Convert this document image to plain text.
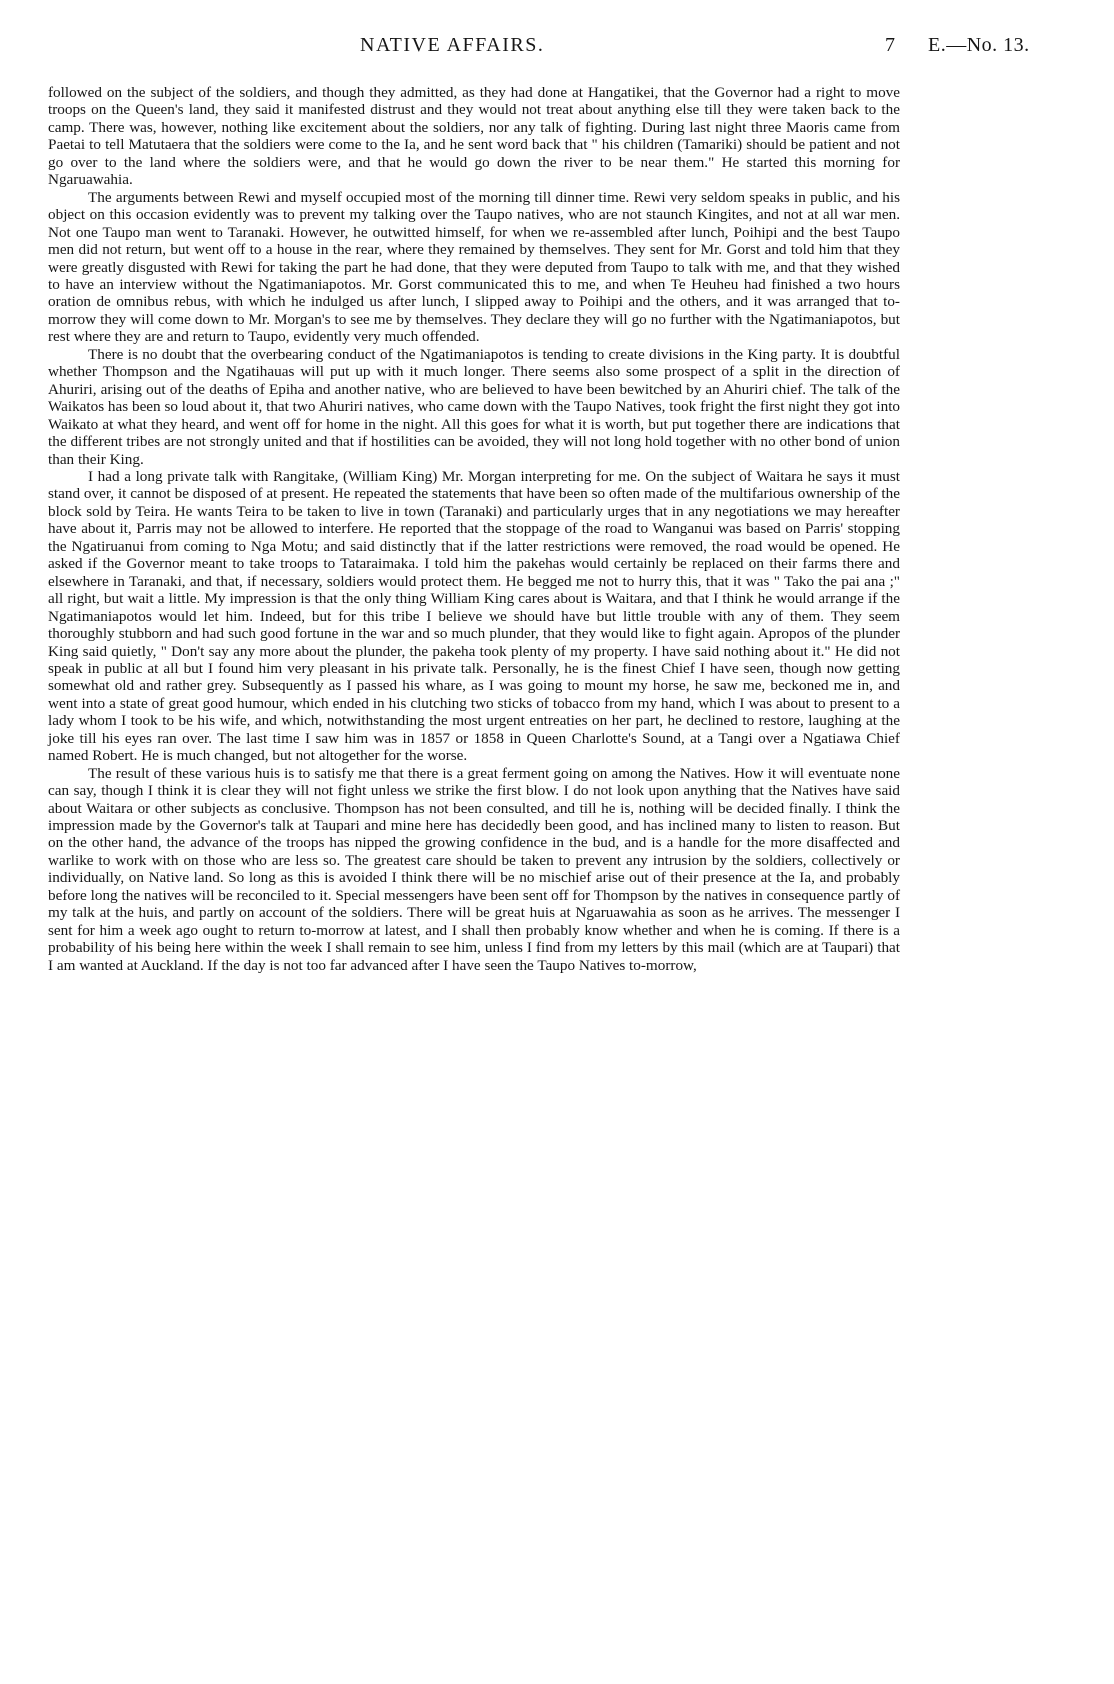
NATIVE AFFAIRS.	7 E.—No. 13.

followed on the subject of the soldiers, and though they admitted, as they had done at Hangatikei, that the Governor had a right to move troops on the Queen's land, they said it manifested distrust and they would not treat about anything else till they were taken back to the camp. There was, however, nothing like excitement about the soldiers, nor any talk of fighting. During last night three Maoris came from Paetai to tell Matutaera that the soldiers were come to the Ia, and he sent word back that " his children (Tamariki) should be patient and not go over to the land where the soldiers were, and that he would go down the river to be near them." He started this morning for Ngaruawahia.

The arguments between Rewi and myself occupied most of the morning till dinner time. Rewi very seldom speaks in public, and his object on this occasion evidently was to prevent my talking over the Taupo natives, who are not staunch Kingites, and not at all war men. Not one Taupo man went to Taranaki. However, he outwitted himself, for when we re-assembled after lunch, Poihipi and the best Taupo men did not return, but went off to a house in the rear, where they remained by themselves. They sent for Mr. Gorst and told him that they were greatly disgusted with Rewi for taking the part he had done, that they were deputed from Taupo to talk with me, and that they wished to have an interview without the Ngatimaniapotos. Mr. Gorst communicated this to me, and when Te Heuheu had finished a two hours oration de omnibus rebus, with which he indulged us after lunch, I slipped away to Poihipi and the others, and it was arranged that to-morrow they will come down to Mr. Morgan's to see me by themselves. They declare they will go no further with the Ngatimaniapotos, but rest where they are and return to Taupo, evidently very much offended.

There is no doubt that the overbearing conduct of the Ngatimaniapotos is tending to create divisions in the King party. It is doubtful whether Thompson and the Ngatihauas will put up with it much longer. There seems also some prospect of a split in the direction of Ahuriri, arising out of the deaths of Epiha and another native, who are believed to have been bewitched by an Ahuriri chief. The talk of the Waikatos has been so loud about it, that two Ahuriri natives, who came down with the Taupo Natives, took fright the first night they got into Waikato at what they heard, and went off for home in the night. All this goes for what it is worth, but put together there are indications that the different tribes are not strongly united and that if hostilities can be avoided, they will not long hold together with no other bond of union than their King.

I had a long private talk with Rangitake, (William King) Mr. Morgan interpreting for me. On the subject of Waitara he says it must stand over, it cannot be disposed of at present. He repeated the statements that have been so often made of the multifarious ownership of the block sold by Teira. He wants Teira to be taken to live in town (Taranaki) and particularly urges that in any negotiations we may hereafter have about it, Parris may not be allowed to interfere. He reported that the stoppage of the road to Wanganui was based on Parris' stopping the Ngatiruanui from coming to Nga Motu; and said distinctly that if the latter restrictions were removed, the road would be opened. He asked if the Governor meant to take troops to Tataraimaka. I told him the pakehas would certainly be replaced on their farms there and elsewhere in Taranaki, and that, if necessary, soldiers would protect them. He begged me not to hurry this, that it was " Tako the pai ana ;" all right, but wait a little. My impression is that the only thing William King cares about is Waitara, and that I think he would arrange if the Ngatimaniapotos would let him. Indeed, but for this tribe I believe we should have but little trouble with any of them. They seem thoroughly stubborn and had such good fortune in the war and so much plunder, that they would like to fight again. Apropos of the plunder King said quietly, " Don't say any more about the plunder, the pakeha took plenty of my property. I have said nothing about it." He did not speak in public at all but I found him very pleasant in his private talk. Personally, he is the finest Chief I have seen, though now getting somewhat old and rather grey. Subsequently as I passed his whare, as I was going to mount my horse, he saw me, beckoned me in, and went into a state of great good humour, which ended in his clutching two sticks of tobacco from my hand, which I was about to present to a lady whom I took to be his wife, and which, notwithstanding the most urgent entreaties on her part, he declined to restore, laughing at the joke till his eyes ran over. The last time I saw him was in 1857 or 1858 in Queen Charlotte's Sound, at a Tangi over a Ngatiawa Chief named Robert. He is much changed, but not altogether for the worse.

The result of these various huis is to satisfy me that there is a great ferment going on among the Natives. How it will eventuate none can say, though I think it is clear they will not fight unless we strike the first blow. I do not look upon anything that the Natives have said about Waitara or other subjects as conclusive. Thompson has not been consulted, and till he is, nothing will be decided finally. I think the impression made by the Governor's talk at Taupari and mine here has decidedly been good, and has inclined many to listen to reason. But on the other hand, the advance of the troops has nipped the growing confidence in the bud, and is a handle for the more disaffected and warlike to work with on those who are less so. The greatest care should be taken to prevent any intrusion by the soldiers, collectively or individually, on Native land. So long as this is avoided I think there will be no mischief arise out of their presence at the Ia, and probably before long the natives will be reconciled to it. Special messengers have been sent off for Thompson by the natives in consequence partly of my talk at the huis, and partly on account of the soldiers. There will be great huis at Ngaruawahia as soon as he arrives. The messenger I sent for him a week ago ought to return to-morrow at latest, and I shall then probably know whether and when he is coming. If there is a probability of his being here within the week I shall remain to see him, unless I find from my letters by this mail (which are at Taupari) that I am wanted at Auckland. If the day is not too far advanced after I have seen the Taupo Natives to-morrow,
